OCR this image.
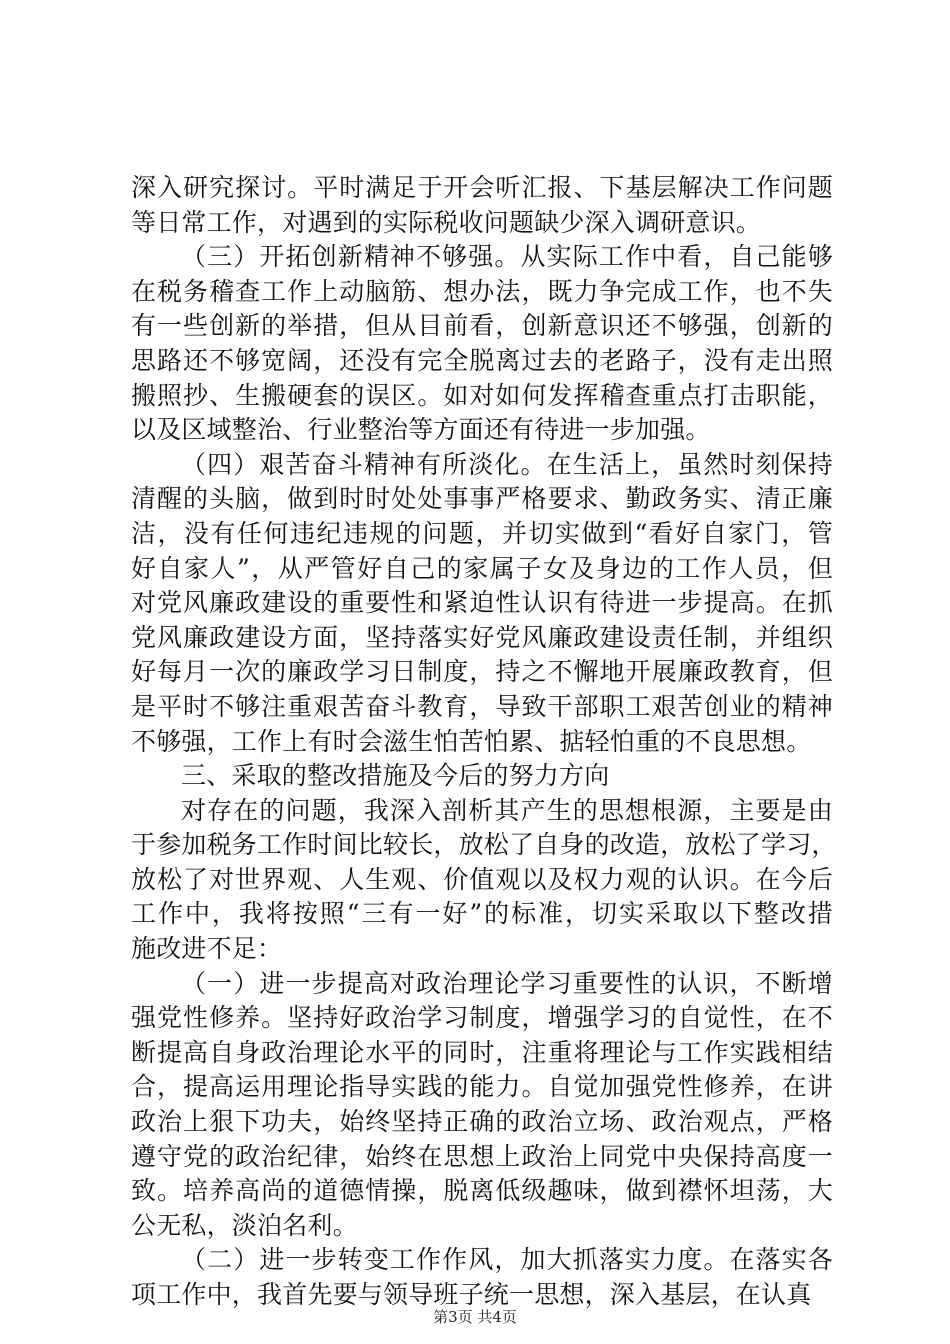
深入研究探讨。平时满足于开会听汇报、下基层解决工作问题
等日常工作，对遇到的实际税收问题缺少深入调研意识。
（三）开拓创新精神不够强。从实际工作中看，自己能够
在税务稽查工作上动脑筋、想办法，既力争完成工作，也不失
有一些创新的举措，但从目前看，创新意识还不够强，创新的
思路还不够宽阔，还没有完全脱离过去的老路子，没有走出照
搬照抄、生搬硬套的误区。如对如何发挥稽查重点打击职能，
以及区域整治、行业整治等方面还有待进一步加强。
（四）艰苦奋斗精神有所淡化。在生活上，虽然时刻保持
清醒的头脑，做到时时处处事事严格要求、勤政务实、清正廉
洁，没有任何违纪违规的问题，并切实做到“看好自家门，管
好自家人”，从严管好自己的家属子女及身边的工作人员，但
对党风廉政建设的重要性和紧迫性认识有待进一步提高。在抓
党风廉政建设方面，坚持落实好党风廉政建设责任制，并组织
好每月一次的廉政学习日制度，持之不懈地开展廉政教育，但
是平时不够注重艰苦奋斗教育，导致干部职工艰苦创业的精神
不够强，工作上有时会滋生怕苦怕累、掂轻怕重的不良思想。
三、采取的整改措施及今后的努力方向
对存在的问题，我深入剖析其产生的思想根源，主要是由
于参加税务工作时间比较长，放松了自身的改造，放松了学习，
放松了对世界观、人生观、价值观以及权力观的认识。在今后
工作中，我将按照“三有一好”的标准，切实采取以下整改措
施改进不足：
（一）进一步提高对政治理论学习重要性的认识，不断增
强党性修养。坚持好政治学习制度，增强学习的自觉性，在不
断提高自身政治理论水平的同时，注重将理论与工作实践相结
合，提高运用理论指导实践的能力。自觉加强党性修养，在讲
政治上狠下功夫，始终坚持正确的政治立场、政治观点，严格
遵守党的政治纪律，始终在思想上政治上同党中央保持高度一
致。培养高尚的道德情操，脱离低级趣味，做到襟怀坦荡，大
公无私，淡泊名利。
（二）进一步转变工作作风，加大抓落实力度。在落实各
项工作中，我首先要与领导班子统一思想，深入基层，在认真
第3页 共4页
